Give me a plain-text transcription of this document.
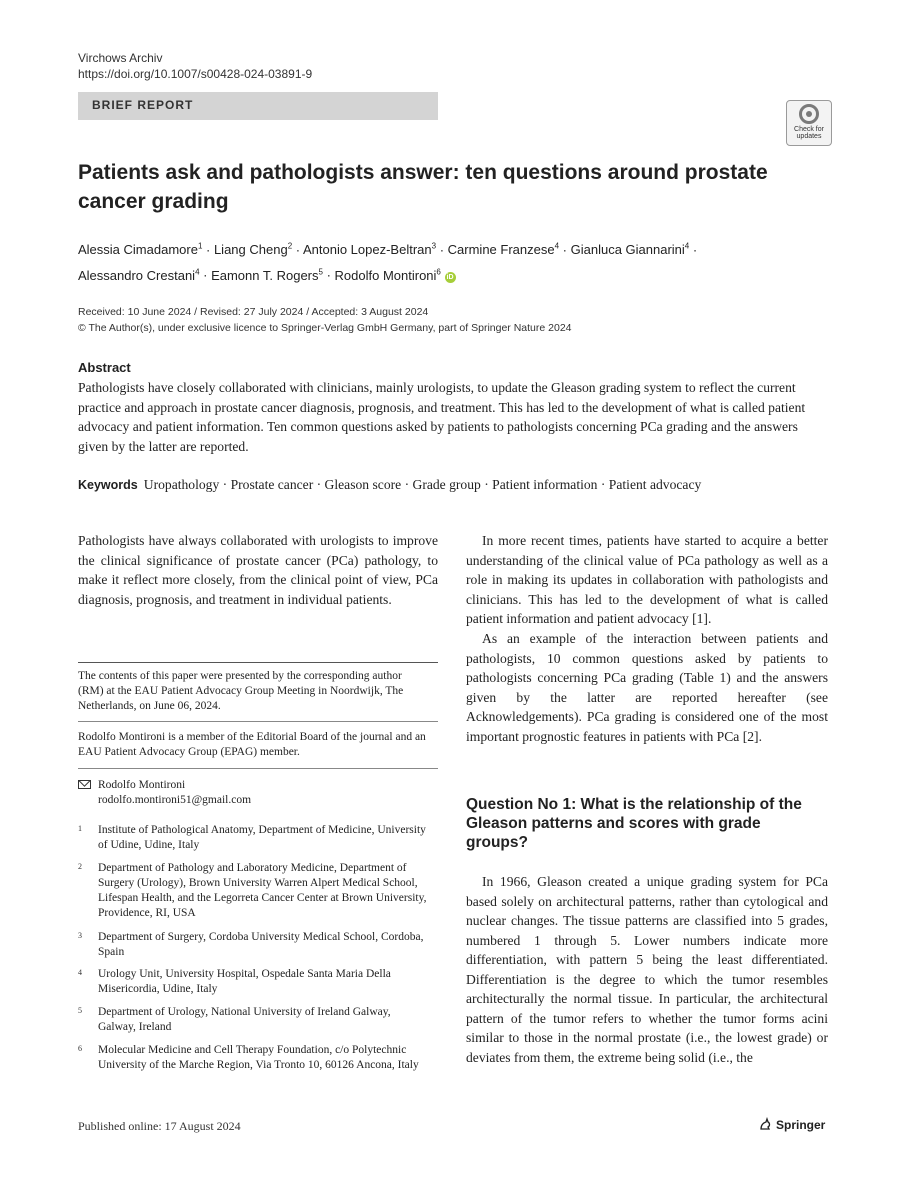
Virchows Archiv
https://doi.org/10.1007/s00428-024-03891-9
BRIEF REPORT
Check for
updates
Patients ask and pathologists answer: ten questions around prostate cancer grading
Alessia Cimadamore$^1$ · Liang Cheng$^2$ · Antonio Lopez-Beltran$^3$ · Carmine Franzese$^4$ · Gianluca Giannarini$^4$ ·
Alessandro Crestani$^4$ · Eamonn T. Rogers$^5$ · Rodolfo Montironi$^6$ iD
Received: 10 June 2024 / Revised: 27 July 2024 / Accepted: 3 August 2024
© The Author(s), under exclusive licence to Springer-Verlag GmbH Germany, part of Springer Nature 2024
Abstract
Pathologists have closely collaborated with clinicians, mainly urologists, to update the Gleason grading system to reflect the current practice and approach in prostate cancer diagnosis, prognosis, and treatment. This has led to the development of what is called patient advocacy and patient information. Ten common questions asked by patients to pathologists concerning PCa grading and the answers given by the latter are reported.
Keywords Uropathology · Prostate cancer · Gleason score · Grade group · Patient information · Patient advocacy
Pathologists have always collaborated with urologists to improve the clinical significance of prostate cancer (PCa) pathology, to make it reflect more closely, from the clinical point of view, PCa diagnosis, prognosis, and treatment in individual patients.
The contents of this paper were presented by the corresponding author (RM) at the EAU Patient Advocacy Group Meeting in Noordwijk, The Netherlands, on June 06, 2024.
Rodolfo Montironi is a member of the Editorial Board of the journal and an EAU Patient Advocacy Group (EPAG) member.
Rodolfo Montironi
rodolfo.montironi51@gmail.com
1 Institute of Pathological Anatomy, Department of Medicine, University of Udine, Udine, Italy
2 Department of Pathology and Laboratory Medicine, Department of Surgery (Urology), Brown University Warren Alpert Medical School, Lifespan Health, and the Legorreta Cancer Center at Brown University, Providence, RI, USA
3 Department of Surgery, Cordoba University Medical School, Cordoba, Spain
4 Urology Unit, University Hospital, Ospedale Santa Maria Della Misericordia, Udine, Italy
5 Department of Urology, National University of Ireland Galway, Galway, Ireland
6 Molecular Medicine and Cell Therapy Foundation, c/o Polytechnic University of the Marche Region, Via Tronto 10, 60126 Ancona, Italy
In more recent times, patients have started to acquire a better understanding of the clinical value of PCa pathology as well as a role in making its updates in collaboration with pathologists and clinicians. This has led to the development of what is called patient information and patient advocacy [1].
As an example of the interaction between patients and pathologists, 10 common questions asked by patients to pathologists concerning PCa grading (Table 1) and the answers given by the latter are reported hereafter (see Acknowledgements). PCa grading is considered one of the most important prognostic features in patients with PCa [2].
Question No 1: What is the relationship of the Gleason patterns and scores with grade groups?
In 1966, Gleason created a unique grading system for PCa based solely on architectural patterns, rather than cytological and nuclear changes. The tissue patterns are classified into 5 grades, numbered 1 through 5. Lower numbers indicate more differentiation, with pattern 5 being the least differentiated. Differentiation is the degree to which the tumor resembles architecturally the normal tissue. In particular, the architectural pattern of the tumor refers to whether the tumor forms acini similar to those in the normal prostate (i.e., the lowest grade) or deviates from them, the extreme being solid (i.e., the
Published online: 17 August 2024	Springer
